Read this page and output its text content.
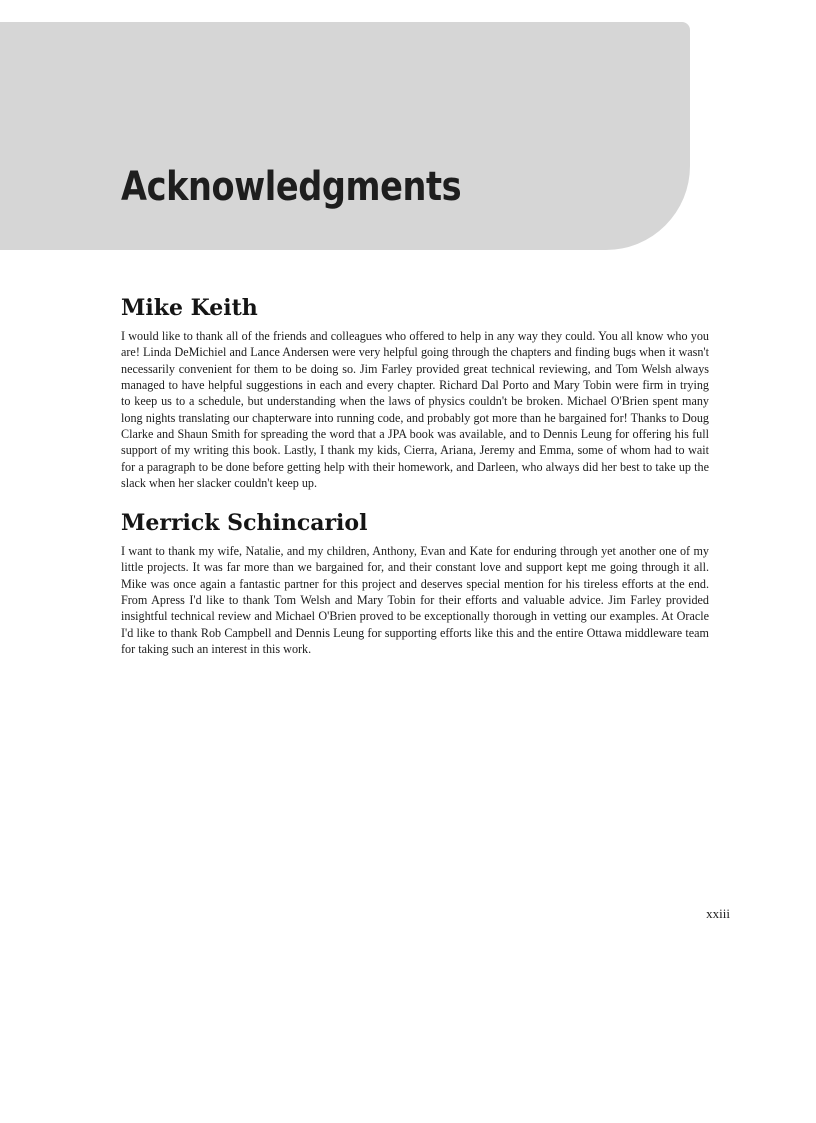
Acknowledgments
Mike Keith

I would like to thank all of the friends and colleagues who offered to help in any way they could. You all know who you are! Linda DeMichiel and Lance Andersen were very helpful going through the chapters and finding bugs when it wasn't necessarily convenient for them to be doing so. Jim Farley provided great technical reviewing, and Tom Welsh always managed to have helpful suggestions in each and every chapter. Richard Dal Porto and Mary Tobin were firm in trying to keep us to a schedule, but understanding when the laws of physics couldn't be broken. Michael O'Brien spent many long nights translating our chapterware into running code, and probably got more than he bargained for! Thanks to Doug Clarke and Shaun Smith for spreading the word that a JPA book was available, and to Dennis Leung for offering his full support of my writing this book. Lastly, I thank my kids, Cierra, Ariana, Jeremy and Emma, some of whom had to wait for a paragraph to be done before getting help with their homework, and Darleen, who always did her best to take up the slack when her slacker couldn't keep up.

Merrick Schincariol

I want to thank my wife, Natalie, and my children, Anthony, Evan and Kate for enduring through yet another one of my little projects. It was far more than we bargained for, and their constant love and support kept me going through it all. Mike was once again a fantastic partner for this project and deserves special mention for his tireless efforts at the end. From Apress I'd like to thank Tom Welsh and Mary Tobin for their efforts and valuable advice. Jim Farley provided insightful technical review and Michael O'Brien proved to be exceptionally thorough in vetting our examples. At Oracle I'd like to thank Rob Campbell and Dennis Leung for supporting efforts like this and the entire Ottawa middleware team for taking such an interest in this work.

xxiii
